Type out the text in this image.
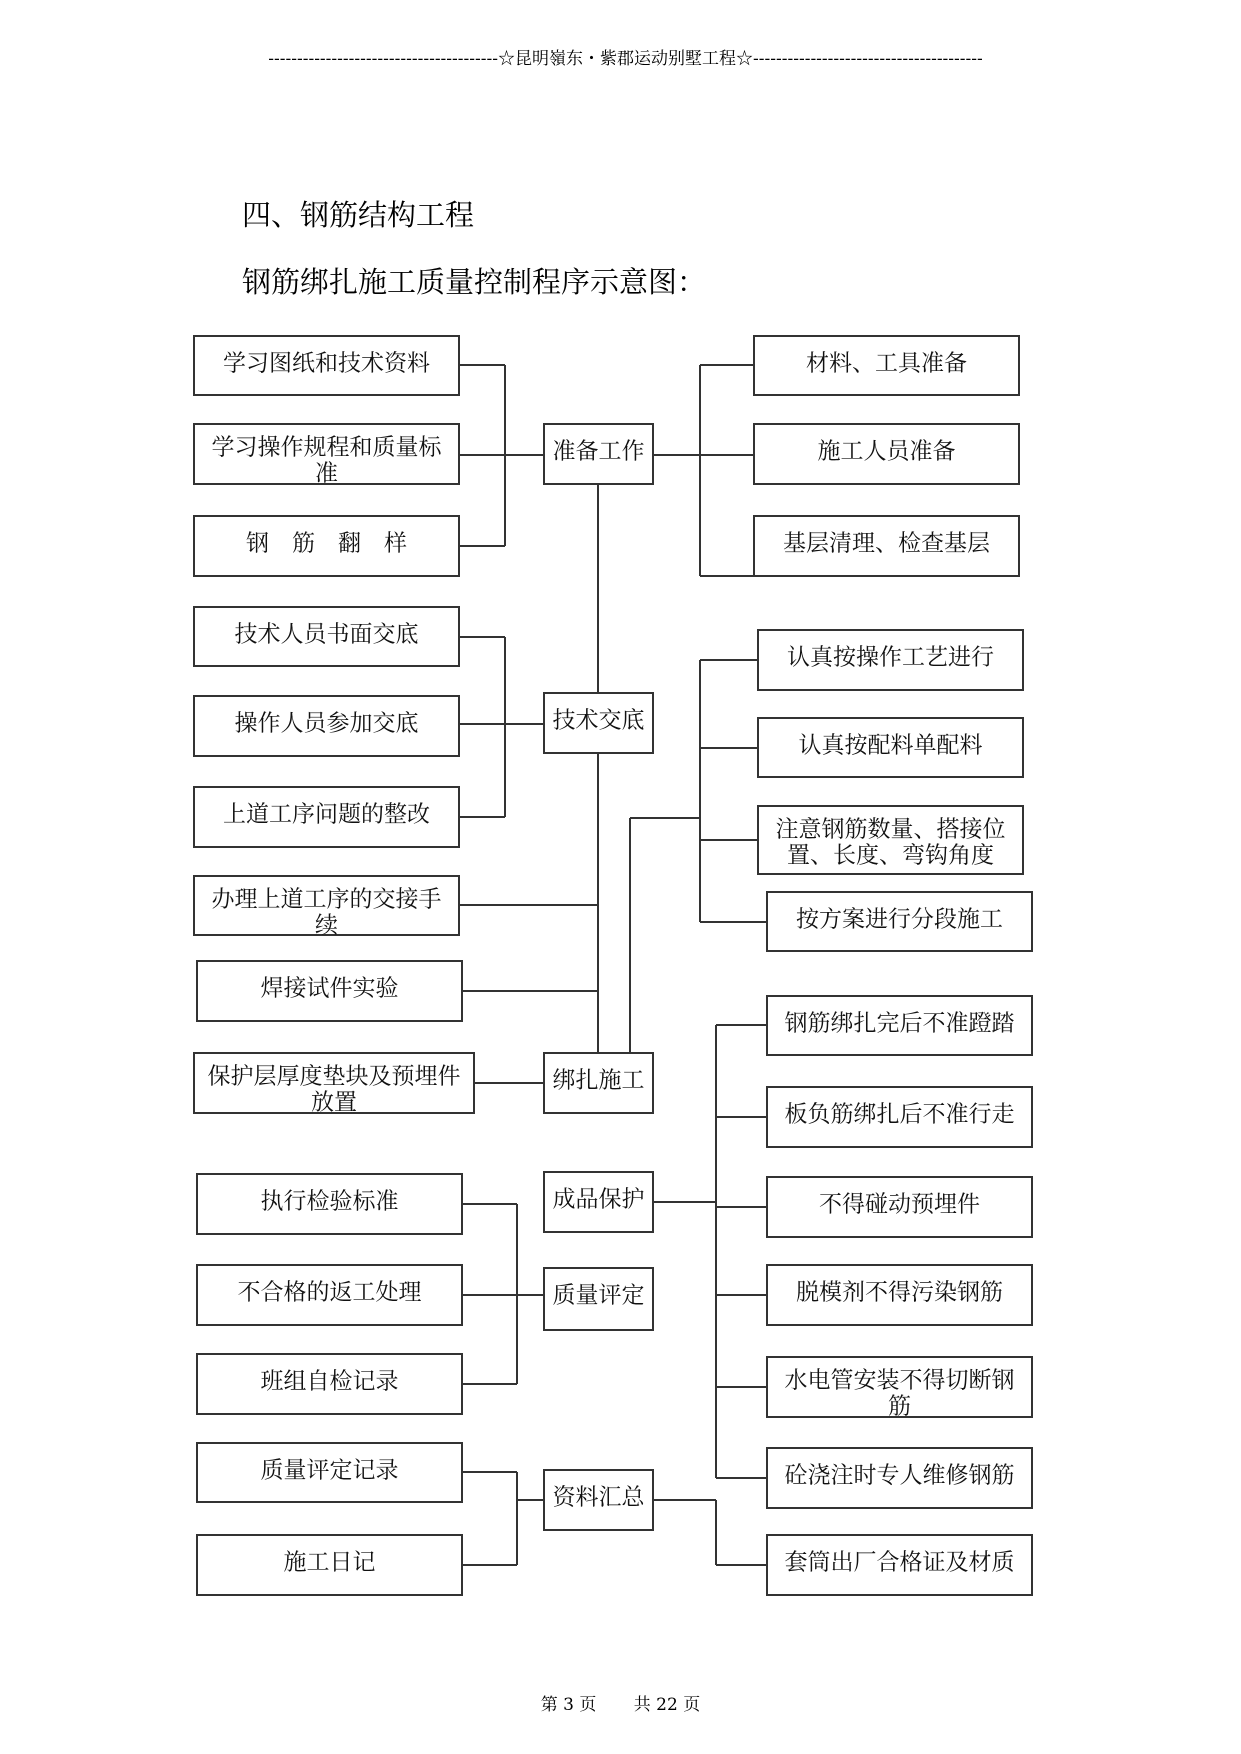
----------------------------------------☆昆明嶺东・紫郡运动别墅工程☆----------------------------------------
四、钢筋结构工程
钢筋绑扎施工质量控制程序示意图：
准备工作
技术交底
绑扎施工
成品保护
质量评定
资料汇总
学习图纸和技术资料
学习操作规程和质量标
准
钢　筋　翻　样
技术人员书面交底
操作人员参加交底
上道工序问题的整改
办理上道工序的交接手
续
焊接试件实验
保护层厚度垫块及预埋件
放置
执行检验标准
不合格的返工处理
班组自检记录
质量评定记录
施工日记
材料、工具准备
施工人员准备
基层清理、检查基层
认真按操作工艺进行
认真按配料单配料
注意钢筋数量、搭接位
置、长度、弯钩角度
按方案进行分段施工
钢筋绑扎完后不准蹬踏
板负筋绑扎后不准行走
不得碰动预埋件
脱模剂不得污染钢筋
水电管安装不得切断钢
筋
砼浇注时专人维修钢筋
套筒出厂合格证及材质
第 3 页 共 22 页
